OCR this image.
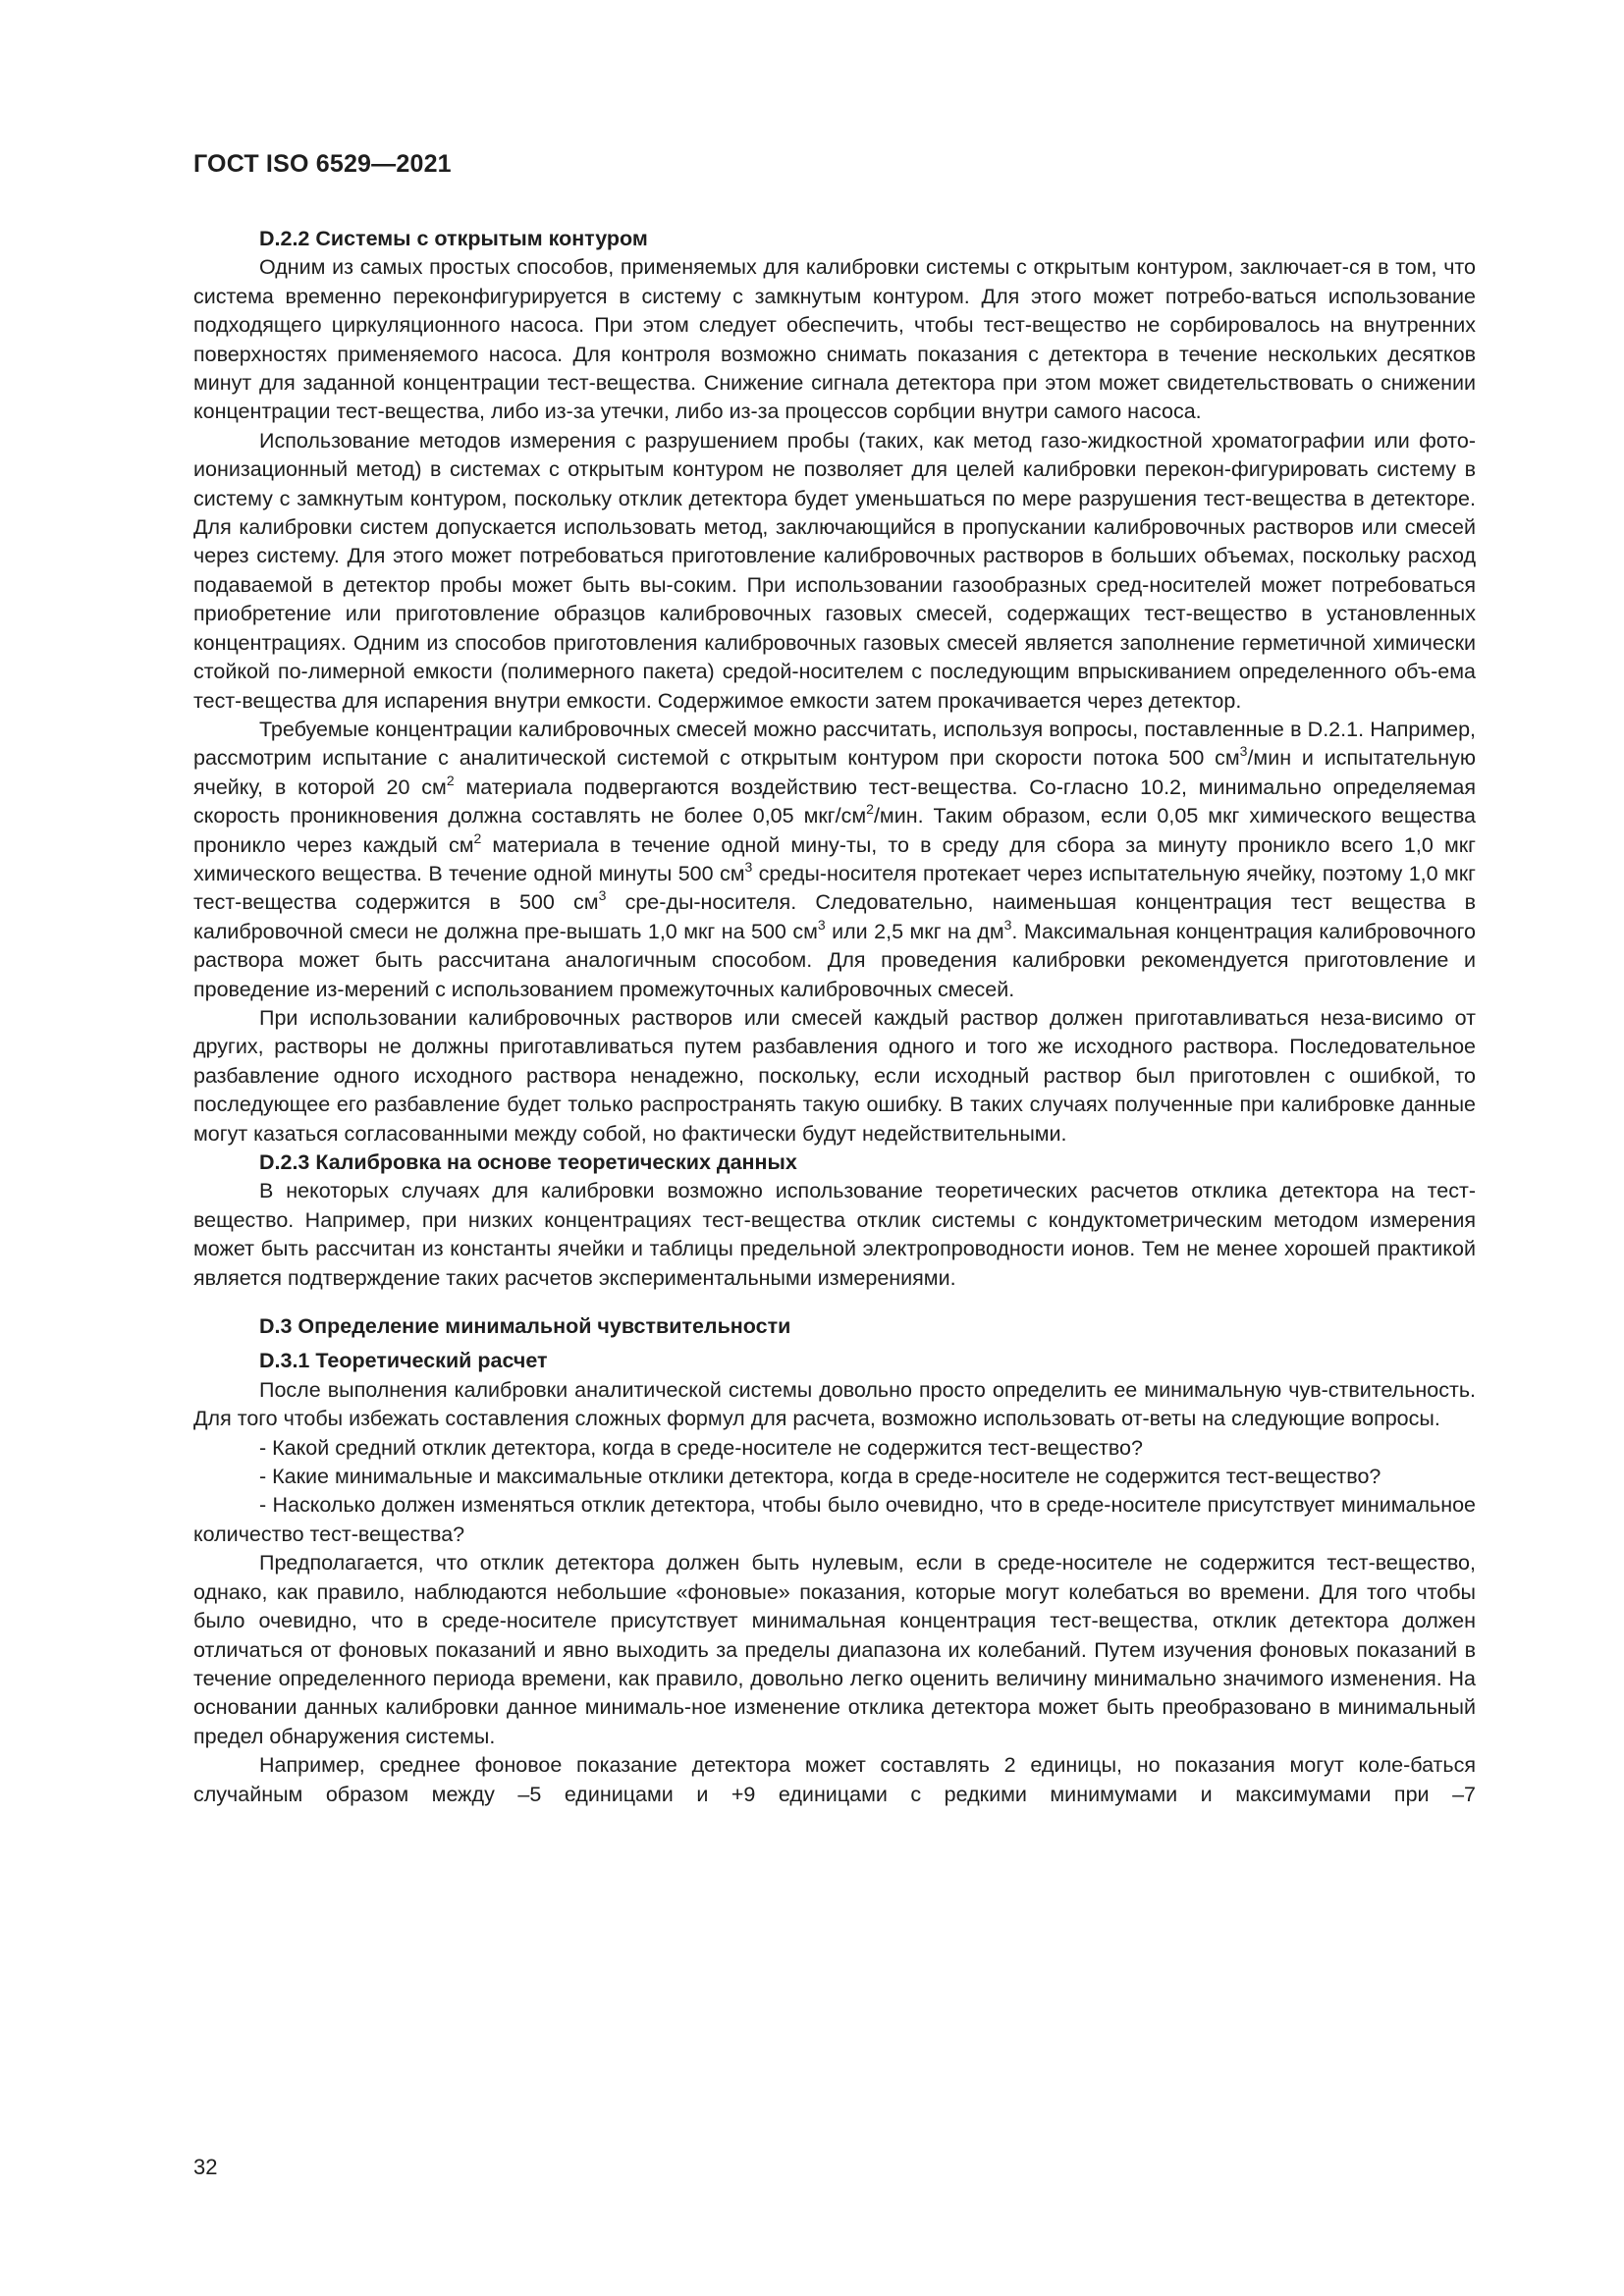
ГОСТ ISO 6529—2021

D.2.2 Системы с открытым контуром

Одним из самых простых способов, применяемых для калибровки системы с открытым контуром, заключает-ся в том, что система временно переконфигурируется в систему с замкнутым контуром. Для этого может потребо-ваться использование подходящего циркуляционного насоса. При этом следует обеспечить, чтобы тест-вещество не сорбировалось на внутренних поверхностях применяемого насоса. Для контроля возможно снимать показания с детектора в течение нескольких десятков минут для заданной концентрации тест-вещества. Снижение сигнала детектора при этом может свидетельствовать о снижении концентрации тест-вещества, либо из-за утечки, либо из-за процессов сорбции внутри самого насоса.

Использование методов измерения с разрушением пробы (таких, как метод газо-жидкостной хроматографии или фото-ионизационный метод) в системах с открытым контуром не позволяет для целей калибровки перекон-фигурировать систему в систему с замкнутым контуром, поскольку отклик детектора будет уменьшаться по мере разрушения тест-вещества в детекторе. Для калибровки систем допускается использовать метод, заключающийся в пропускании калибровочных растворов или смесей через систему. Для этого может потребоваться приготовление калибровочных растворов в больших объемах, поскольку расход подаваемой в детектор пробы может быть вы-соким. При использовании газообразных сред-носителей может потребоваться приобретение или приготовление образцов калибровочных газовых смесей, содержащих тест-вещество в установленных концентрациях. Одним из способов приготовления калибровочных газовых смесей является заполнение герметичной химически стойкой по-лимерной емкости (полимерного пакета) средой-носителем с последующим впрыскиванием определенного объ-ема тест-вещества для испарения внутри емкости. Содержимое емкости затем прокачивается через детектор.

Требуемые концентрации калибровочных смесей можно рассчитать, используя вопросы, поставленные в D.2.1. Например, рассмотрим испытание с аналитической системой с открытым контуром при скорости потока 500 $см^3$/мин и испытательную ячейку, в которой 20 $см^2$ материала подвергаются воздействию тест-вещества. Со-гласно 10.2, минимально определяемая скорость проникновения должна составлять не более 0,05 мкг/$см^2$/мин. Таким образом, если 0,05 мкг химического вещества проникло через каждый $см^2$ материала в течение одной мину-ты, то в среду для сбора за минуту проникло всего 1,0 мкг химического вещества. В течение одной минуты 500 $см^3$ среды-носителя протекает через испытательную ячейку, поэтому 1,0 мкг тест-вещества содержится в 500 $см^3$ сре-ды-носителя. Следовательно, наименьшая концентрация тест вещества в калибровочной смеси не должна пре-вышать 1,0 мкг на 500 $см^3$ или 2,5 мкг на $дм^3$. Максимальная концентрация калибровочного раствора может быть рассчитана аналогичным способом. Для проведения калибровки рекомендуется приготовление и проведение из-мерений с использованием промежуточных калибровочных смесей.

При использовании калибровочных растворов или смесей каждый раствор должен приготавливаться неза-висимо от других, растворы не должны приготавливаться путем разбавления одного и того же исходного раствора. Последовательное разбавление одного исходного раствора ненадежно, поскольку, если исходный раствор был приготовлен с ошибкой, то последующее его разбавление будет только распространять такую ошибку. В таких случаях полученные при калибровке данные могут казаться согласованными между собой, но фактически будут недействительными.

D.2.3 Калибровка на основе теоретических данных

В некоторых случаях для калибровки возможно использование теоретических расчетов отклика детектора на тест-вещество. Например, при низких концентрациях тест-вещества отклик системы с кондуктометрическим методом измерения может быть рассчитан из константы ячейки и таблицы предельной электропроводности ионов. Тем не менее хорошей практикой является подтверждение таких расчетов экспериментальными измерениями.

D.3 Определение минимальной чувствительности

D.3.1 Теоретический расчет

После выполнения калибровки аналитической системы довольно просто определить ее минимальную чув-ствительность. Для того чтобы избежать составления сложных формул для расчета, возможно использовать от-веты на следующие вопросы.

- Какой средний отклик детектора, когда в среде-носителе не содержится тест-вещество?

- Какие минимальные и максимальные отклики детектора, когда в среде-носителе не содержится тест-вещество?

- Насколько должен изменяться отклик детектора, чтобы было очевидно, что в среде-носителе присутствует минимальное количество тест-вещества?

Предполагается, что отклик детектора должен быть нулевым, если в среде-носителе не содержится тест-вещество, однако, как правило, наблюдаются небольшие «фоновые» показания, которые могут колебаться во времени. Для того чтобы было очевидно, что в среде-носителе присутствует минимальная концентрация тест-вещества, отклик детектора должен отличаться от фоновых показаний и явно выходить за пределы диапазона их колебаний. Путем изучения фоновых показаний в течение определенного периода времени, как правило, довольно легко оценить величину минимально значимого изменения. На основании данных калибровки данное минималь-ное изменение отклика детектора может быть преобразовано в минимальный предел обнаружения системы.

Например, среднее фоновое показание детектора может составлять 2 единицы, но показания могут коле-баться случайным образом между –5 единицами и +9 единицами с редкими минимумами и максимумами при –7

32
